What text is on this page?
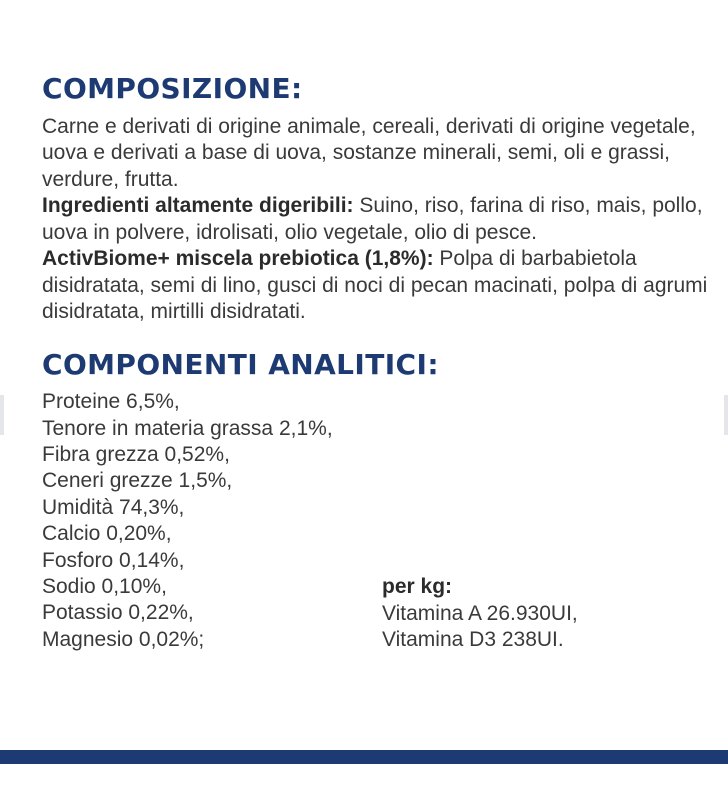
COMPOSIZIONE:

Carne e derivati di origine animale, cereali, derivati di origine vegetale, uova e derivati a base di uova, sostanze minerali, semi, oli e grassi, verdure, frutta.
Ingredienti altamente digeribili: Suino, riso, farina di riso, mais, pollo, uova in polvere, idrolisati, olio vegetale, olio di pesce.
ActivBiome+ miscela prebiotica (1,8%): Polpa di barbabietola disidratata, semi di lino, gusci di noci di pecan macinati, polpa di agrumi disidratata, mirtilli disidratati.

COMPONENTI ANALITICI:
Proteine 6,5%,
Tenore in materia grassa 2,1%,
Fibra grezza 0,52%,
Ceneri grezze 1,5%,
Umidità 74,3%,
Calcio 0,20%,
Fosforo 0,14%,
Sodio 0,10%,
Potassio 0,22%,
Magnesio 0,02%;
per kg:
Vitamina A 26.930UI,
Vitamina D3 238UI.
